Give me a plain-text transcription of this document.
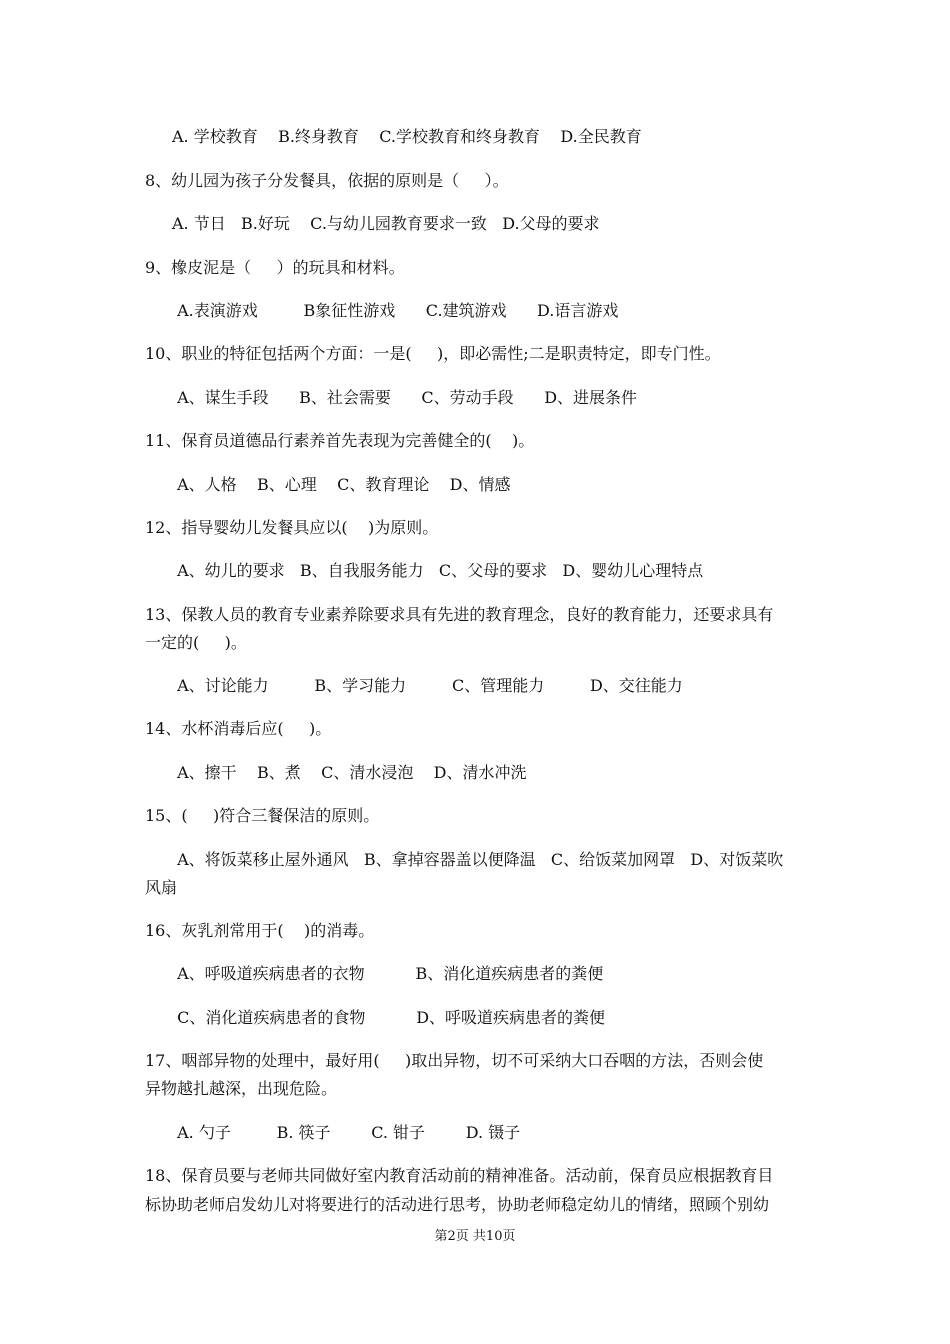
A. 学校教育    B.终身教育    C.学校教育和终身教育    D.全民教育
8、幼儿园为孩子分发餐具，依据的原则是（     ）。
A. 节日   B.好玩    C.与幼儿园教育要求一致   D.父母的要求
9、橡皮泥是（     ）的玩具和材料。
A.表演游戏         B象征性游戏      C.建筑游戏      D.语言游戏
10、职业的特征包括两个方面：一是(     )，即必需性;二是职责特定，即专门性。
A、谋生手段      B、社会需要      C、劳动手段      D、进展条件
11、保育员道德品行素养首先表现为完善健全的(    )。
A、人格    B、心理    C、教育理论    D、情感
12、指导婴幼儿发餐具应以(    )为原则。
A、幼儿的要求   B、自我服务能力   C、父母的要求   D、婴幼儿心理特点
13、保教人员的教育专业素养除要求具有先进的教育理念，良好的教育能力，还要求具有
一定的(     )。
A、讨论能力         B、学习能力         C、管理能力         D、交往能力
14、水杯消毒后应(     )。
A、擦干    B、煮    C、清水浸泡    D、清水冲洗
15、(     )符合三餐保洁的原则。
A、将饭菜移止屋外通风   B、拿掉容器盖以便降温   C、给饭菜加网罩   D、对饭菜吹
风扇
16、灰乳剂常用于(    )的消毒。
A、呼吸道疾病患者的衣物          B、消化道疾病患者的粪便
C、消化道疾病患者的食物          D、呼吸道疾病患者的粪便
17、咽部异物的处理中，最好用(     )取出异物，切不可采纳大口吞咽的方法，否则会使
异物越扎越深，出现危险。
A. 勺子         B. 筷子        C. 钳子        D. 镊子
18、保育员要与老师共同做好室内教育活动前的精神准备。活动前，保育员应根据教育目
标协助老师启发幼儿对将要进行的活动进行思考，协助老师稳定幼儿的情绪，照顾个别幼
第2页 共10页
